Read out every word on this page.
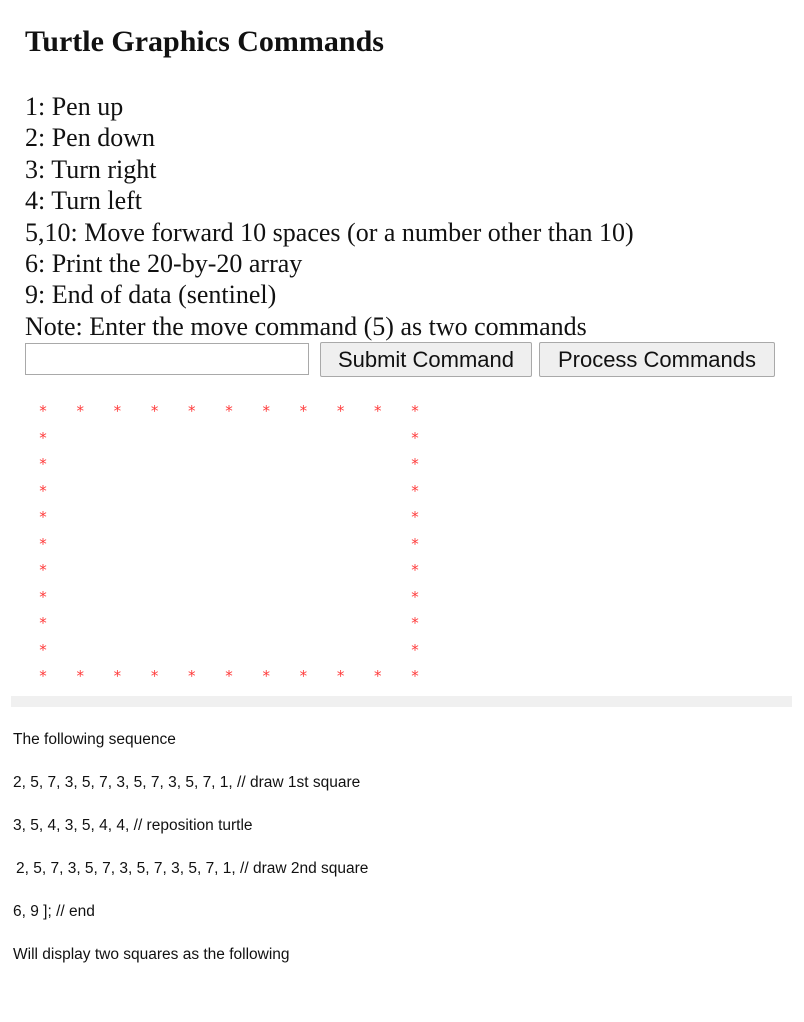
Turtle Graphics Commands
1: Pen up
2: Pen down
3: Turn right
4: Turn left
5,10: Move forward 10 spaces (or a number other than 10)
6: Print the 20-by-20 array
9: End of data (sentinel)
Note: Enter the move command (5) as two commands
Submit Command	Process Commands
* * * * * * * * * * *
*	*
*	*
*	*
*	*
*	*
*	*
*	*
*	*
*	*
* * * * * * * * * * *

The following sequence

2, 5, 7, 3, 5, 7, 3, 5, 7, 3, 5, 7, 1, // draw 1st square

3, 5, 4, 3, 5, 4, 4, // reposition turtle

2, 5, 7, 3, 5, 7, 3, 5, 7, 3, 5, 7, 1, // draw 2nd square

6, 9 ]; // end

Will display two squares as the following
